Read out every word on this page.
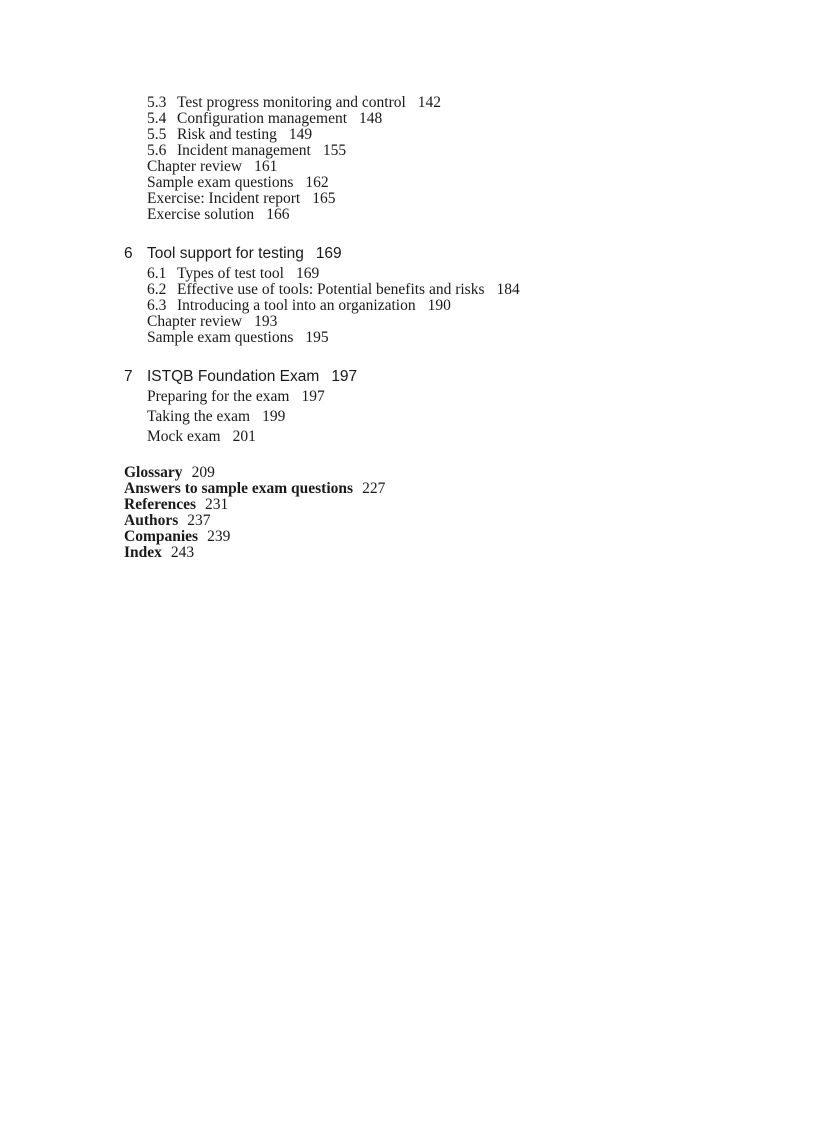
5.3 Test progress monitoring and control 142
5.4 Configuration management 148
5.5 Risk and testing 149
5.6 Incident management 155
Chapter review 161
Sample exam questions 162
Exercise: Incident report 165
Exercise solution 166
6 Tool support for testing 169
6.1 Types of test tool 169
6.2 Effective use of tools: Potential benefits and risks 184
6.3 Introducing a tool into an organization 190
Chapter review 193
Sample exam questions 195
7 ISTQB Foundation Exam 197
Preparing for the exam 197
Taking the exam 199
Mock exam 201
Glossary 209
Answers to sample exam questions 227
References 231
Authors 237
Companies 239
Index 243
